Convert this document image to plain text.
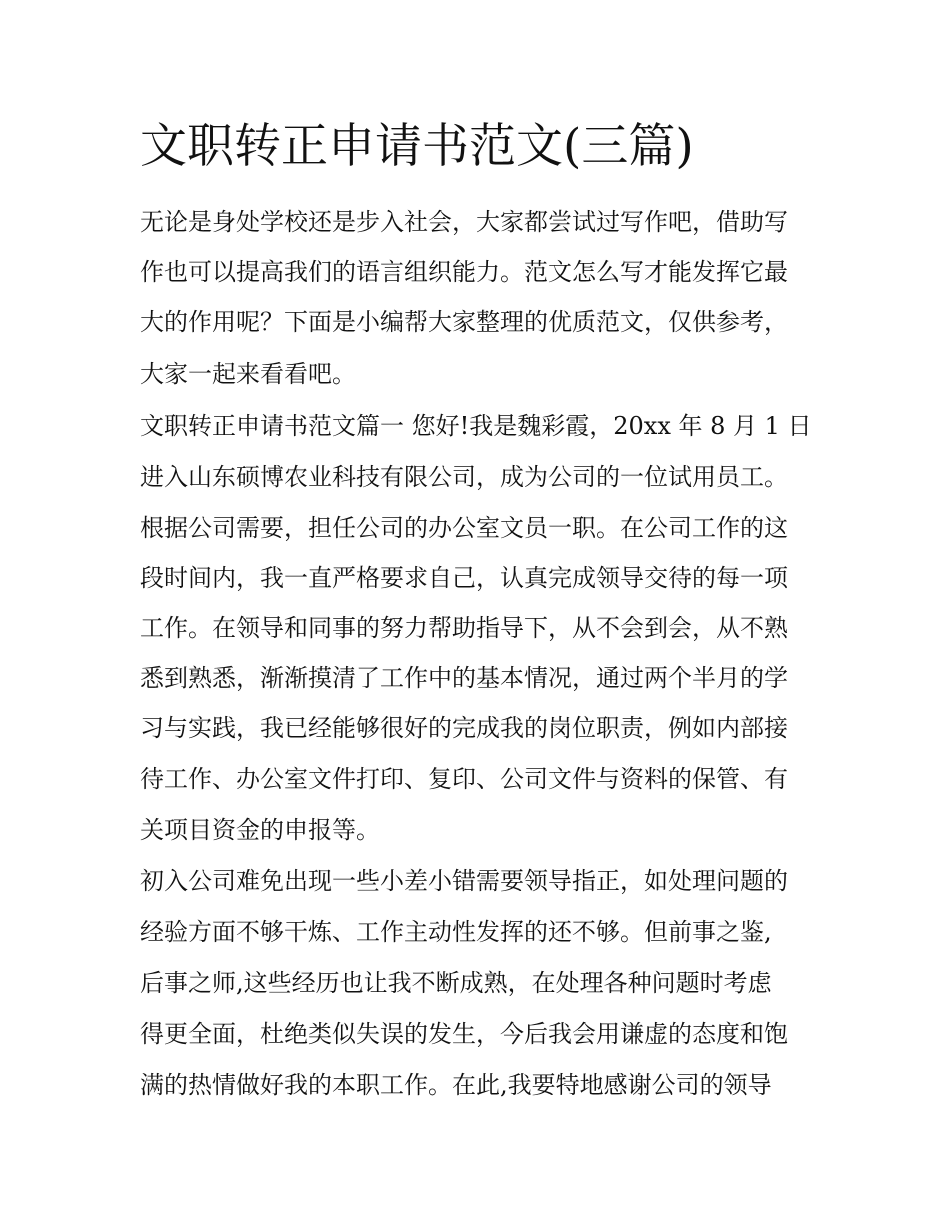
文职转正申请书范文(三篇)

无论是身处学校还是步入社会，大家都尝试过写作吧，借助写

作也可以提高我们的语言组织能力。范文怎么写才能发挥它最

大的作用呢？下面是小编帮大家整理的优质范文，仅供参考，

大家一起来看看吧。

文职转正申请书范文篇一 您好!我是魏彩霞，20xx 年 8 月 1 日

进入山东硕博农业科技有限公司，成为公司的一位试用员工。

根据公司需要，担任公司的办公室文员一职。在公司工作的这

段时间内，我一直严格要求自己，认真完成领导交待的每一项

工作。在领导和同事的努力帮助指导下，从不会到会，从不熟

悉到熟悉，渐渐摸清了工作中的基本情况，通过两个半月的学

习与实践，我已经能够很好的完成我的岗位职责，例如内部接

待工作、办公室文件打印、复印、公司文件与资料的保管、有

关项目资金的申报等。

初入公司难免出现一些小差小错需要领导指正，如处理问题的

经验方面不够干炼、工作主动性发挥的还不够。但前事之鉴,

后事之师,这些经历也让我不断成熟，在处理各种问题时考虑

得更全面，杜绝类似失误的发生，今后我会用谦虚的态度和饱

满的热情做好我的本职工作。在此,我要特地感谢公司的领导
